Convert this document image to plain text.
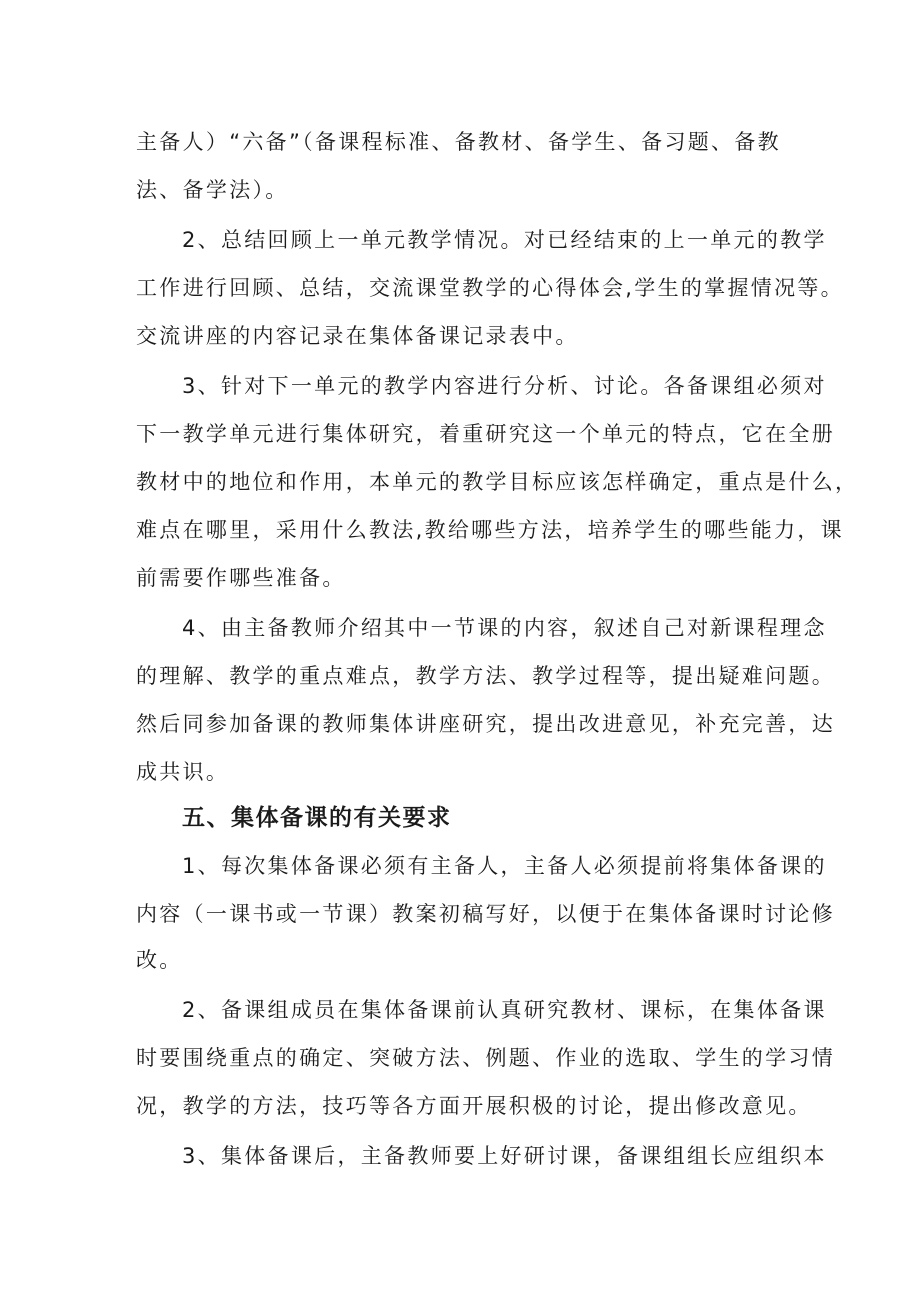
主备人）“六备”（备课程标准、备教材、备学生、备习题、备教
法、备学法）。
2、总结回顾上一单元教学情况。对已经结束的上一单元的教学
工作进行回顾、总结，交流课堂教学的心得体会,学生的掌握情况等。
交流讲座的内容记录在集体备课记录表中。
3、针对下一单元的教学内容进行分析、讨论。各备课组必须对
下一教学单元进行集体研究，着重研究这一个单元的特点，它在全册
教材中的地位和作用，本单元的教学目标应该怎样确定，重点是什么，
难点在哪里，采用什么教法,教给哪些方法，培养学生的哪些能力，课
前需要作哪些准备。
4、由主备教师介绍其中一节课的内容，叙述自己对新课程理念
的理解、教学的重点难点，教学方法、教学过程等，提出疑难问题。
然后同参加备课的教师集体讲座研究，提出改进意见，补充完善，达
成共识。
五、集体备课的有关要求
1、每次集体备课必须有主备人，主备人必须提前将集体备课的
内容（一课书或一节课）教案初稿写好，以便于在集体备课时讨论修
改。
2、备课组成员在集体备课前认真研究教材、课标，在集体备课
时要围绕重点的确定、突破方法、例题、作业的选取、学生的学习情
况，教学的方法，技巧等各方面开展积极的讨论，提出修改意见。
3、集体备课后，主备教师要上好研讨课，备课组组长应组织本
